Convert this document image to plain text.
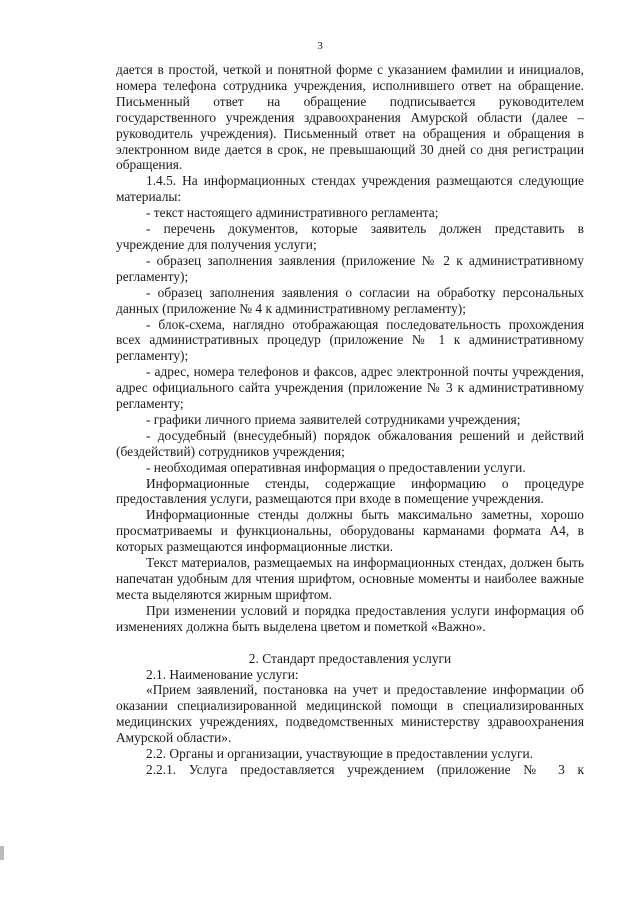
3

дается в простой, четкой и понятной форме с указанием фамилии и инициалов, номера телефона сотрудника учреждения, исполнившего ответ на обращение. Письменный ответ на обращение подписывается руководителем государственного учреждения здравоохранения Амурской области (далее – руководитель учреждения). Письменный ответ на обращения и обращения в электронном виде дается в срок, не превышающий 30 дней со дня регистрации обращения.

1.4.5. На информационных стендах учреждения размещаются следующие материалы:

- текст настоящего административного регламента;

- перечень документов, которые заявитель должен представить в учреждение для получения услуги;

- образец заполнения заявления (приложение № 2 к административному регламенту);

- образец заполнения заявления о согласии на обработку персональных данных (приложение № 4 к административному регламенту);

- блок-схема, наглядно отображающая последовательность прохождения всех административных процедур (приложение № 1 к административному регламенту);

- адрес, номера телефонов и факсов, адрес электронной почты учреждения, адрес официального сайта учреждения (приложение № 3 к административному регламенту;

- графики личного приема заявителей сотрудниками учреждения;

- досудебный (внесудебный) порядок обжалования решений и действий (бездействий) сотрудников учреждения;

- необходимая оперативная информация о предоставлении услуги.

Информационные стенды, содержащие информацию о процедуре предоставления услуги, размещаются при входе в помещение учреждения.

Информационные стенды должны быть максимально заметны, хорошо просматриваемы и функциональны, оборудованы карманами формата А4, в которых размещаются информационные листки.

Текст материалов, размещаемых на информационных стендах, должен быть напечатан удобным для чтения шрифтом, основные моменты и наиболее важные места выделяются жирным шрифтом.

При изменении условий и порядка предоставления услуги информация об изменениях должна быть выделена цветом и пометкой «Важно».

2. Стандарт предоставления услуги

2.1. Наименование услуги:

«Прием заявлений, постановка на учет и предоставление информации об оказании специализированной медицинской помощи в специализированных медицинских учреждениях, подведомственных министерству здравоохранения Амурской области».

2.2. Органы и организации, участвующие в предоставлении услуги.

2.2.1. Услуга предоставляется учреждением (приложение № 3 к
